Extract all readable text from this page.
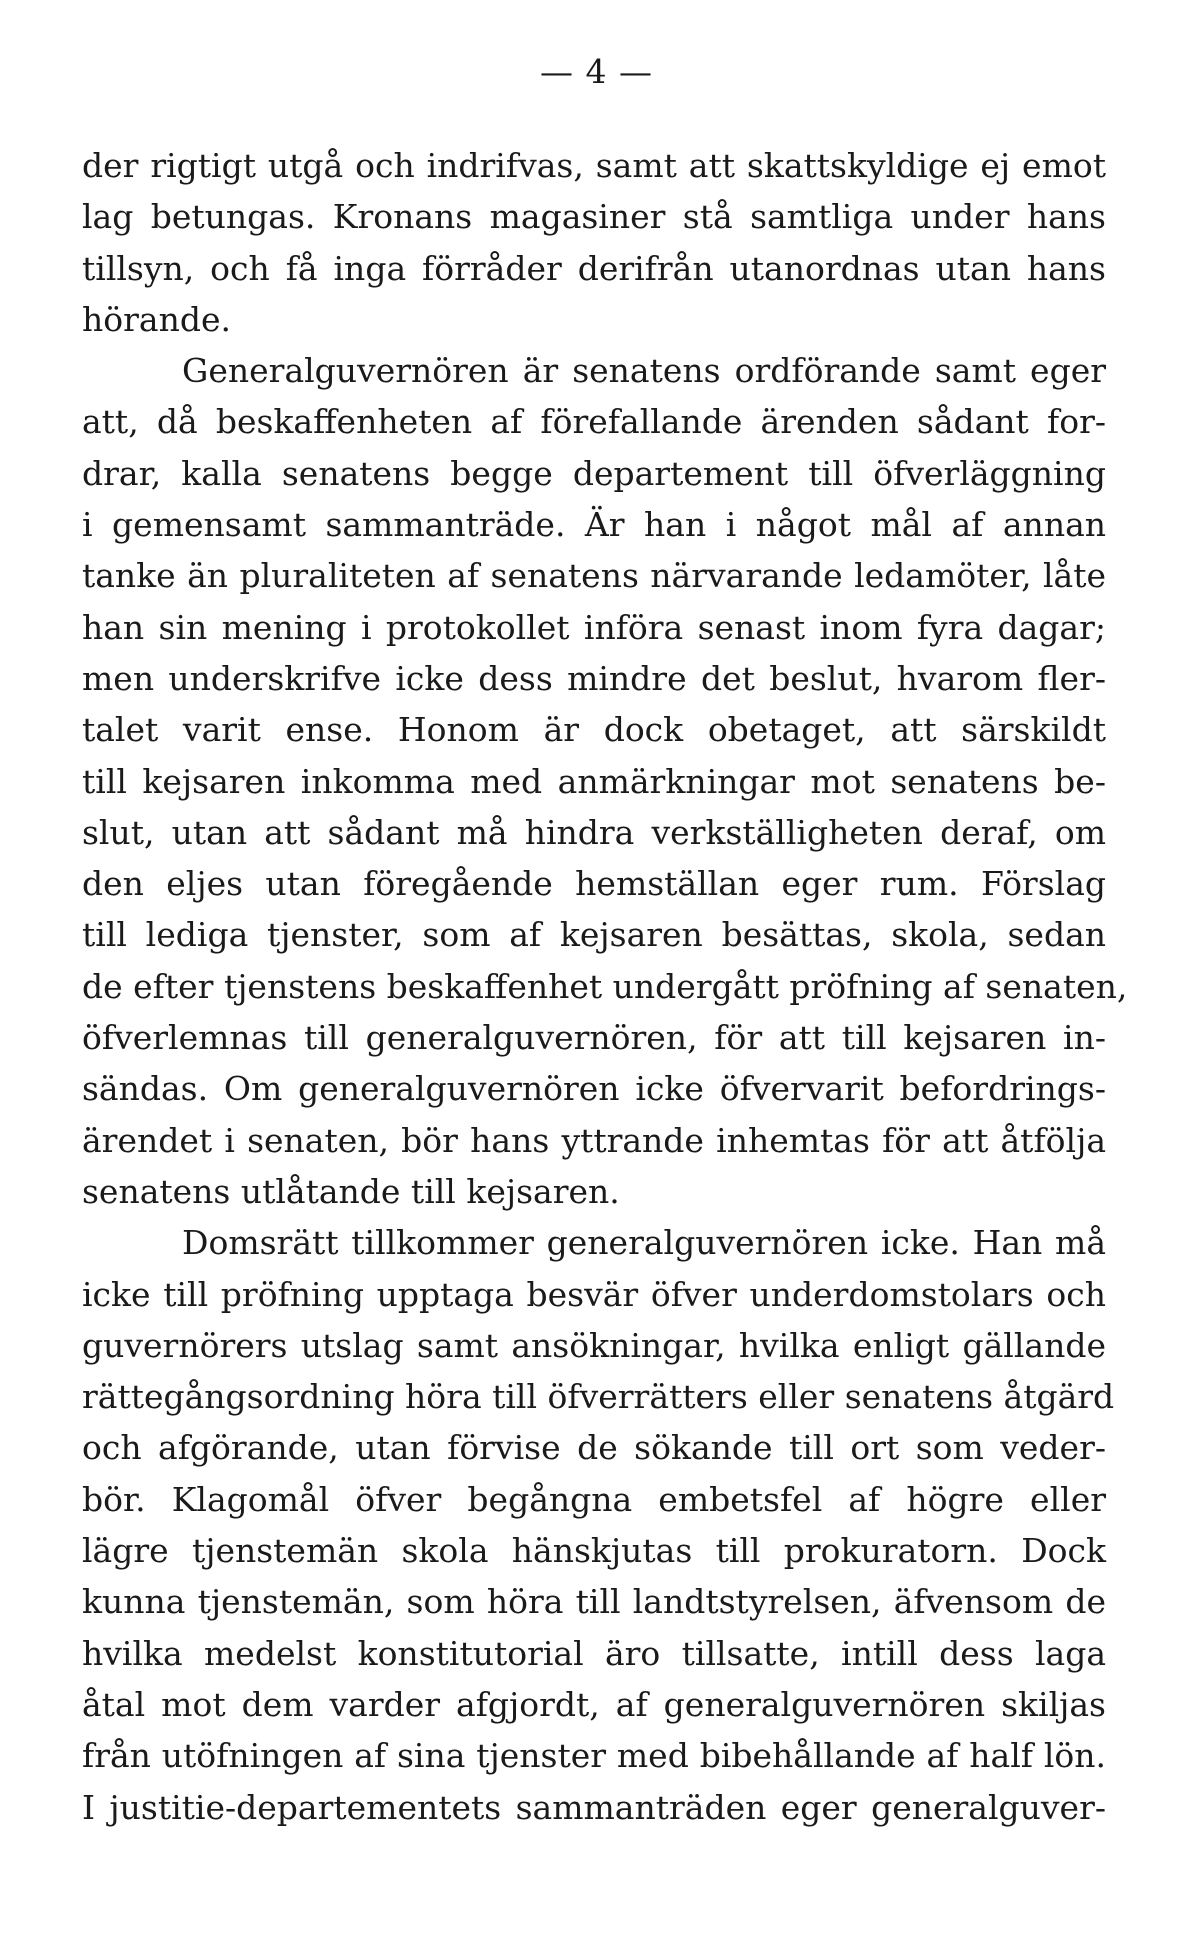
— 4 —
der rigtigt utgå och indrifvas, samt att skattskyldige ej emot
lag betungas. Kronans magasiner stå samtliga under hans
tillsyn, och få inga förråder derifrån utanordnas utan hans
hörande.
Generalguvernören är senatens ordförande samt eger
att, då beskaffenheten af förefallande ärenden sådant for-
drar, kalla senatens begge departement till öfverläggning
i gemensamt sammanträde. Är han i något mål af annan
tanke än pluraliteten af senatens närvarande ledamöter, låte
han sin mening i protokollet införa senast inom fyra dagar;
men underskrifve icke dess mindre det beslut, hvarom fler-
talet varit ense. Honom är dock obetaget, att särskildt
till kejsaren inkomma med anmärkningar mot senatens be-
slut, utan att sådant må hindra verkställigheten deraf, om
den eljes utan föregående hemställan eger rum. Förslag
till lediga tjenster, som af kejsaren besättas, skola, sedan
de efter tjenstens beskaffenhet undergått pröfning af senaten,
öfverlemnas till generalguvernören, för att till kejsaren in-
sändas. Om generalguvernören icke öfvervarit befordrings-
ärendet i senaten, bör hans yttrande inhemtas för att åtfölja
senatens utlåtande till kejsaren.
Domsrätt tillkommer generalguvernören icke. Han må
icke till pröfning upptaga besvär öfver underdomstolars och
guvernörers utslag samt ansökningar, hvilka enligt gällande
rättegångsordning höra till öfverrätters eller senatens åtgärd
och afgörande, utan förvise de sökande till ort som veder-
bör. Klagomål öfver begångna embetsfel af högre eller
lägre tjenstemän skola hänskjutas till prokuratorn. Dock
kunna tjenstemän, som höra till landtstyrelsen, äfvensom de
hvilka medelst konstitutorial äro tillsatte, intill dess laga
åtal mot dem varder afgjordt, af generalguvernören skiljas
från utöfningen af sina tjenster med bibehållande af half lön.
I justitie-departementets sammanträden eger generalguver-
